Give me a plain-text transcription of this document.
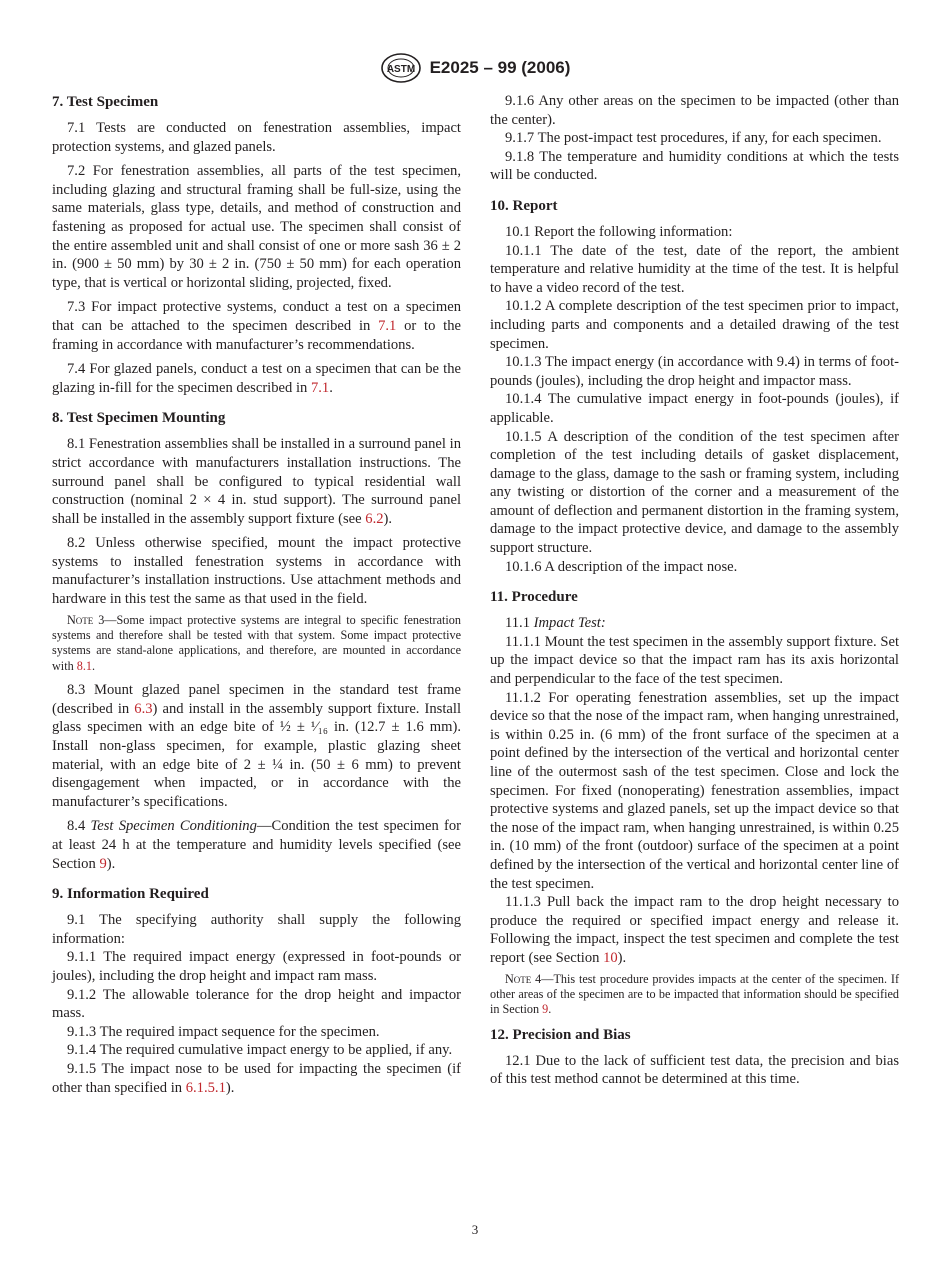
ASTM E2025 – 99 (2006)
7. Test Specimen

7.1 Tests are conducted on fenestration assemblies, impact protection systems, and glazed panels.

7.2 For fenestration assemblies, all parts of the test specimen, including glazing and structural framing shall be full-size, using the same materials, glass type, details, and method of construction and fastening as proposed for actual use. The specimen shall consist of the entire assembled unit and shall consist of one or more sash 36 ± 2 in. (900 ± 50 mm) by 30 ± 2 in. (750 ± 50 mm) for each operation type, that is vertical or horizontal sliding, projected, fixed.

7.3 For impact protective systems, conduct a test on a specimen that can be attached to the specimen described in 7.1 or to the framing in accordance with manufacturer’s recommendations.

7.4 For glazed panels, conduct a test on a specimen that can be the glazing in-fill for the specimen described in 7.1.

8. Test Specimen Mounting

8.1 Fenestration assemblies shall be installed in a surround panel in strict accordance with manufacturers installation instructions. The surround panel shall be configured to typical residential wall construction (nominal 2 × 4 in. stud support). The surround panel shall be installed in the assembly support fixture (see 6.2).

8.2 Unless otherwise specified, mount the impact protective systems to installed fenestration systems in accordance with manufacturer’s installation instructions. Use attachment methods and hardware in this test the same as that used in the field.

Note 3—Some impact protective systems are integral to specific fenestration systems and therefore shall be tested with that system. Some impact protective systems are stand-alone applications, and therefore, are mounted in accordance with 8.1.

8.3 Mount glazed panel specimen in the standard test frame (described in 6.3) and install in the assembly support fixture. Install glass specimen with an edge bite of ½ ± ¹⁄₁₆ in. (12.7 ± 1.6 mm). Install non-glass specimen, for example, plastic glazing sheet material, with an edge bite of 2 ± ¼ in. (50 ± 6 mm) to prevent disengagement when impacted, or in accordance with the manufacturer’s specifications.

8.4 Test Specimen Conditioning—Condition the test specimen for at least 24 h at the temperature and humidity levels specified (see Section 9).

9. Information Required

9.1 The specifying authority shall supply the following information:

9.1.1 The required impact energy (expressed in foot-pounds or joules), including the drop height and impact ram mass.

9.1.2 The allowable tolerance for the drop height and impactor mass.

9.1.3 The required impact sequence for the specimen.

9.1.4 The required cumulative impact energy to be applied, if any.

9.1.5 The impact nose to be used for impacting the specimen (if other than specified in 6.1.5.1).

9.1.6 Any other areas on the specimen to be impacted (other than the center).

9.1.7 The post-impact test procedures, if any, for each specimen.

9.1.8 The temperature and humidity conditions at which the tests will be conducted.

10. Report

10.1 Report the following information:

10.1.1 The date of the test, date of the report, the ambient temperature and relative humidity at the time of the test. It is helpful to have a video record of the test.

10.1.2 A complete description of the test specimen prior to impact, including parts and components and a detailed drawing of the test specimen.

10.1.3 The impact energy (in accordance with 9.4) in terms of foot-pounds (joules), including the drop height and impactor mass.

10.1.4 The cumulative impact energy in foot-pounds (joules), if applicable.

10.1.5 A description of the condition of the test specimen after completion of the test including details of gasket displacement, damage to the glass, damage to the sash or framing system, including any twisting or distortion of the corner and a measurement of the amount of deflection and permanent distortion in the framing system, damage to the impact protective device, and damage to the assembly support structure.

10.1.6 A description of the impact nose.

11. Procedure

11.1 Impact Test:

11.1.1 Mount the test specimen in the assembly support fixture. Set up the impact device so that the impact ram has its axis horizontal and perpendicular to the face of the test specimen.

11.1.2 For operating fenestration assemblies, set up the impact device so that the nose of the impact ram, when hanging unrestrained, is within 0.25 in. (6 mm) of the front surface of the specimen at a point defined by the intersection of the vertical and horizontal center line of the outermost sash of the test specimen. Close and lock the specimen. For fixed (nonoperating) fenestration assemblies, impact protective systems and glazed panels, set up the impact device so that the nose of the impact ram, when hanging unrestrained, is within 0.25 in. (10 mm) of the front (outdoor) surface of the specimen at a point defined by the intersection of the vertical and horizontal center line of the test specimen.

11.1.3 Pull back the impact ram to the drop height necessary to produce the required or specified impact energy and release it. Following the impact, inspect the test specimen and complete the test report (see Section 10).

Note 4—This test procedure provides impacts at the center of the specimen. If other areas of the specimen are to be impacted that information should be specified in Section 9.
12. Precision and Bias

12.1 Due to the lack of sufficient test data, the precision and bias of this test method cannot be determined at this time.

3
